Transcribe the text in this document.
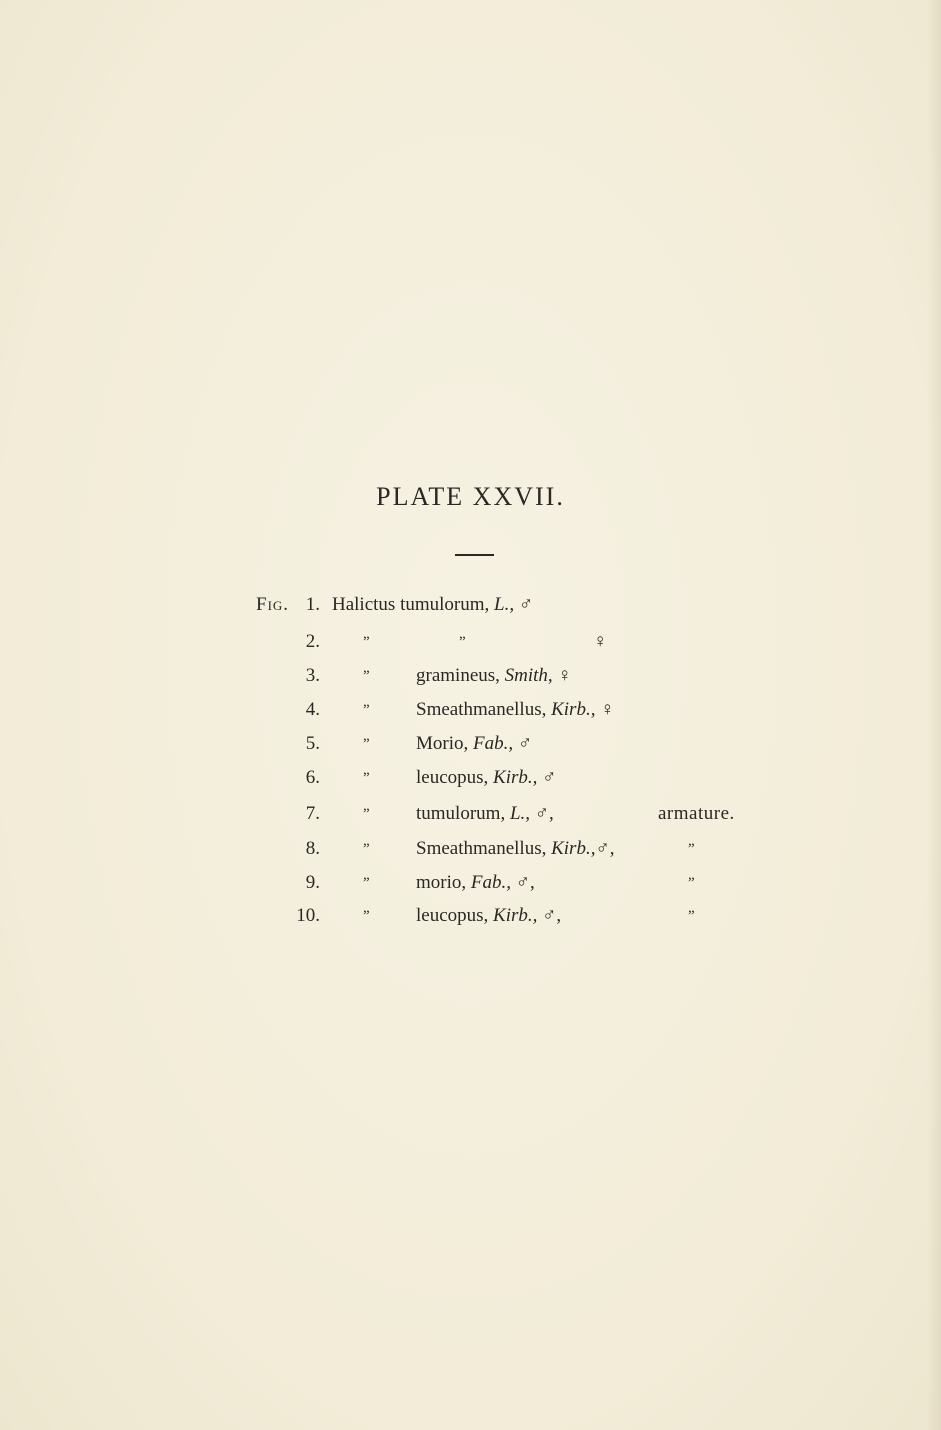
PLATE XXVII.
Fig. 1. Halictus tumulorum, L., ♂
2.	”	”	♀
3.	” gramineus, Smith, ♀
4.	” Smeathmanellus, Kirb., ♀
5.	” Morio, Fab., ♂
6.	” leucopus, Kirb., ♂
7.	” tumulorum, L., ♂,	armature.
8.	” Smeathmanellus, Kirb.,♂,	”
9.	” morio, Fab., ♂,	”
10.	” leucopus, Kirb., ♂,	”
